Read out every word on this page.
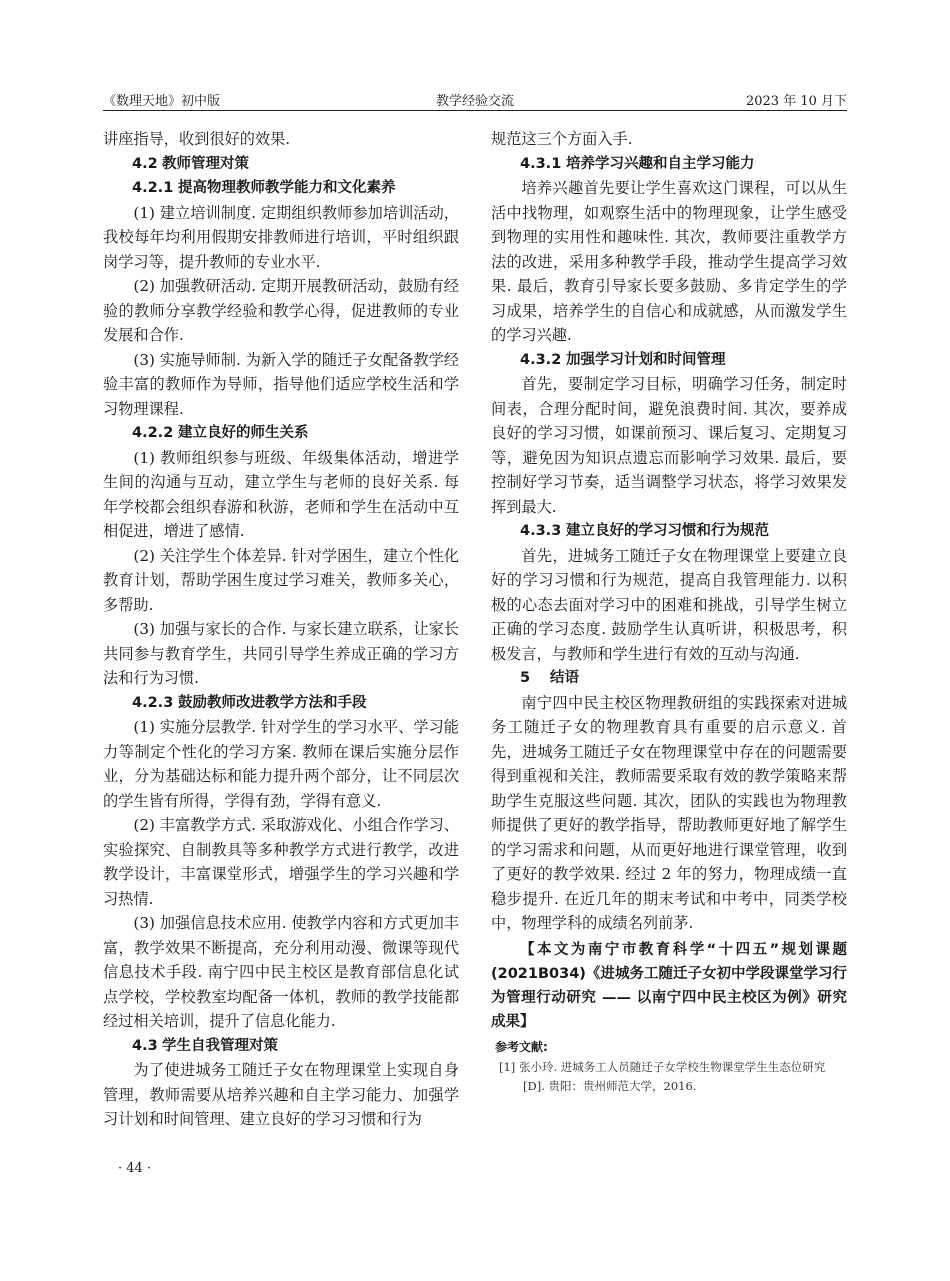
《数理天地》初中版	教学经验交流	2023 年 10 月下

讲座指导，收到很好的效果.

4.2 教师管理对策
4.2.1 提高物理教师教学能力和文化素养

(1) 建立培训制度. 定期组织教师参加培训活动，我校每年均利用假期安排教师进行培训，平时组织跟岗学习等，提升教师的专业水平.

(2) 加强教研活动. 定期开展教研活动，鼓励有经验的教师分享教学经验和教学心得，促进教师的专业发展和合作.

(3) 实施导师制. 为新入学的随迁子女配备教学经验丰富的教师作为导师，指导他们适应学校生活和学习物理课程.

4.2.2 建立良好的师生关系

(1) 教师组织参与班级、年级集体活动，增进学生间的沟通与互动，建立学生与老师的良好关系. 每年学校都会组织春游和秋游，老师和学生在活动中互相促进，增进了感情.

(2) 关注学生个体差异. 针对学困生，建立个性化教育计划，帮助学困生度过学习难关，教师多关心，多帮助.

(3) 加强与家长的合作. 与家长建立联系，让家长共同参与教育学生，共同引导学生养成正确的学习方法和行为习惯.

4.2.3 鼓励教师改进教学方法和手段

(1) 实施分层教学. 针对学生的学习水平、学习能力等制定个性化的学习方案. 教师在课后实施分层作业，分为基础达标和能力提升两个部分，让不同层次的学生皆有所得，学得有劲，学得有意义.

(2) 丰富教学方式. 采取游戏化、小组合作学习、实验探究、自制教具等多种教学方式进行教学，改进教学设计，丰富课堂形式，增强学生的学习兴趣和学习热情.

(3) 加强信息技术应用. 使教学内容和方式更加丰富，教学效果不断提高，充分利用动漫、微课等现代信息技术手段. 南宁四中民主校区是教育部信息化试点学校，学校教室均配备一体机，教师的教学技能都经过相关培训，提升了信息化能力.

4.3 学生自我管理对策

为了使进城务工随迁子女在物理课堂上实现自身管理，教师需要从培养兴趣和自主学习能力、加强学习计划和时间管理、建立良好的学习习惯和行为

规范这三个方面入手.

4.3.1 培养学习兴趣和自主学习能力

培养兴趣首先要让学生喜欢这门课程，可以从生活中找物理，如观察生活中的物理现象，让学生感受到物理的实用性和趣味性. 其次，教师要注重教学方法的改进，采用多种教学手段，推动学生提高学习效果. 最后，教育引导家长要多鼓励、多肯定学生的学习成果，培养学生的自信心和成就感，从而激发学生的学习兴趣.

4.3.2 加强学习计划和时间管理

首先，要制定学习目标，明确学习任务，制定时间表，合理分配时间，避免浪费时间. 其次，要养成良好的学习习惯，如课前预习、课后复习、定期复习等，避免因为知识点遗忘而影响学习效果. 最后，要控制好学习节奏，适当调整学习状态，将学习效果发挥到最大.

4.3.3 建立良好的学习习惯和行为规范

首先，进城务工随迁子女在物理课堂上要建立良好的学习习惯和行为规范，提高自我管理能力. 以积极的心态去面对学习中的困难和挑战，引导学生树立正确的学习态度. 鼓励学生认真听讲，积极思考，积极发言，与教师和学生进行有效的互动与沟通.

5 结语

南宁四中民主校区物理教研组的实践探索对进城务工随迁子女的物理教育具有重要的启示意义. 首先，进城务工随迁子女在物理课堂中存在的问题需要得到重视和关注，教师需要采取有效的教学策略来帮助学生克服这些问题. 其次，团队的实践也为物理教师提供了更好的教学指导，帮助教师更好地了解学生的学习需求和问题，从而更好地进行课堂管理，收到了更好的教学效果. 经过 2 年的努力，物理成绩一直稳步提升. 在近几年的期末考试和中考中，同类学校中，物理学科的成绩名列前茅.

【本文为南宁市教育科学“十四五”规划课题(2021B034)《进城务工随迁子女初中学段课堂学习行为管理行动研究 —— 以南宁四中民主校区为例》研究成果】

参考文献:

[1] 张小玲. 进城务工人员随迁子女学校生物课堂学生生态位研究[D]. 贵阳：贵州师范大学，2016.

· 44 ·
